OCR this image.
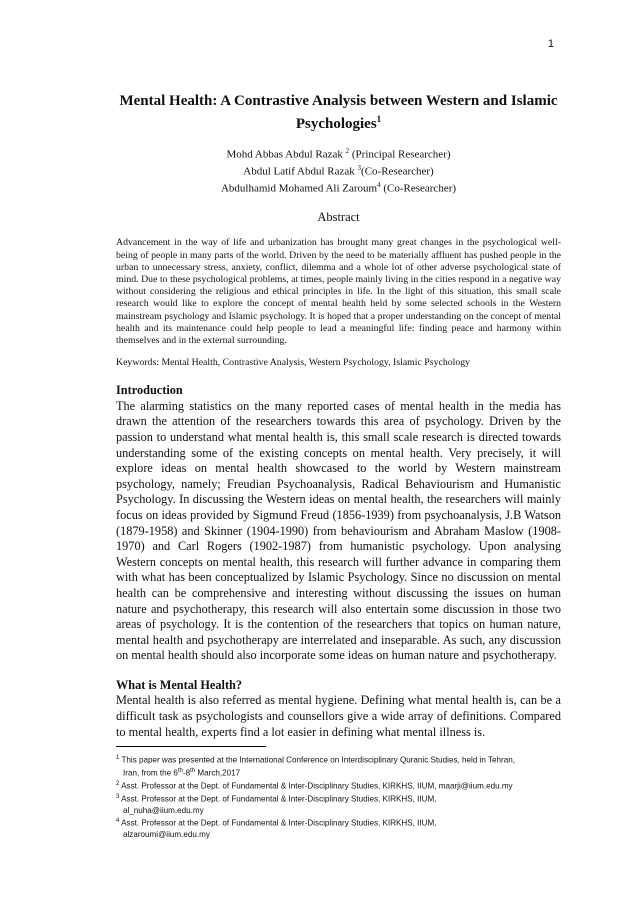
1
Mental Health: A Contrastive Analysis between Western and Islamic Psychologies$^1$
Mohd Abbas Abdul Razak $^2$ (Principal Researcher)
Abdul Latif Abdul Razak $^3$(Co-Researcher)
Abdulhamid Mohamed Ali Zaroum$^4$ (Co-Researcher)
Abstract

Advancement in the way of life and urbanization has brought many great changes in the psychological well-being of people in many parts of the world. Driven by the need to be materially affluent has pushed people in the urban to unnecessary stress, anxiety, conflict, dilemma and a whole lot of other adverse psychological state of mind. Due to these psychological problems, at times, people mainly living in the cities respond in a negative way without considering the religious and ethical principles in life. In the light of this situation, this small scale research would like to explore the concept of mental health held by some selected schools in the Western mainstream psychology and Islamic psychology. It is hoped that a proper understanding on the concept of mental health and its maintenance could help people to lead a meaningful life: finding peace and harmony within themselves and in the external surrounding.

Keywords: Mental Health, Contrastive Analysis, Western Psychology, Islamic Psychology

Introduction

The alarming statistics on the many reported cases of mental health in the media has drawn the attention of the researchers towards this area of psychology. Driven by the passion to understand what mental health is, this small scale research is directed towards understanding some of the existing concepts on mental health. Very precisely, it will explore ideas on mental health showcased to the world by Western mainstream psychology, namely; Freudian Psychoanalysis, Radical Behaviourism and Humanistic Psychology. In discussing the Western ideas on mental health, the researchers will mainly focus on ideas provided by Sigmund Freud (1856-1939) from psychoanalysis, J.B Watson (1879-1958) and Skinner (1904-1990) from behaviourism and Abraham Maslow (1908-1970) and Carl Rogers (1902-1987) from humanistic psychology. Upon analysing Western concepts on mental health, this research will further advance in comparing them with what has been conceptualized by Islamic Psychology. Since no discussion on mental health can be comprehensive and interesting without discussing the issues on human nature and psychotherapy, this research will also entertain some discussion in those two areas of psychology. It is the contention of the researchers that topics on human nature, mental health and psychotherapy are interrelated and inseparable. As such, any discussion on mental health should also incorporate some ideas on human nature and psychotherapy.

What is Mental Health?

Mental health is also referred as mental hygiene. Defining what mental health is, can be a difficult task as psychologists and counsellors give a wide array of definitions. Compared to mental health, experts find a lot easier in defining what mental illness is.

$^1$ This paper was presented at the International Conference on Interdisciplinary Quranic Studies, held in Tehran,
Iran, from the 6th-8th March,2017

$^2$ Asst. Professor at the Dept. of Fundamental & Inter-Disciplinary Studies, KIRKHS, IIUM, maarji@iium.edu.my

$^3$ Asst. Professor at the Dept. of Fundamental & Inter-Disciplinary Studies, KIRKHS, IIUM,
al_nuha@iium.edu.my

$^4$ Asst. Professor at the Dept. of Fundamental & Inter-Disciplinary Studies, KIRKHS, IIUM,
alzaroumi@iium.edu.my
